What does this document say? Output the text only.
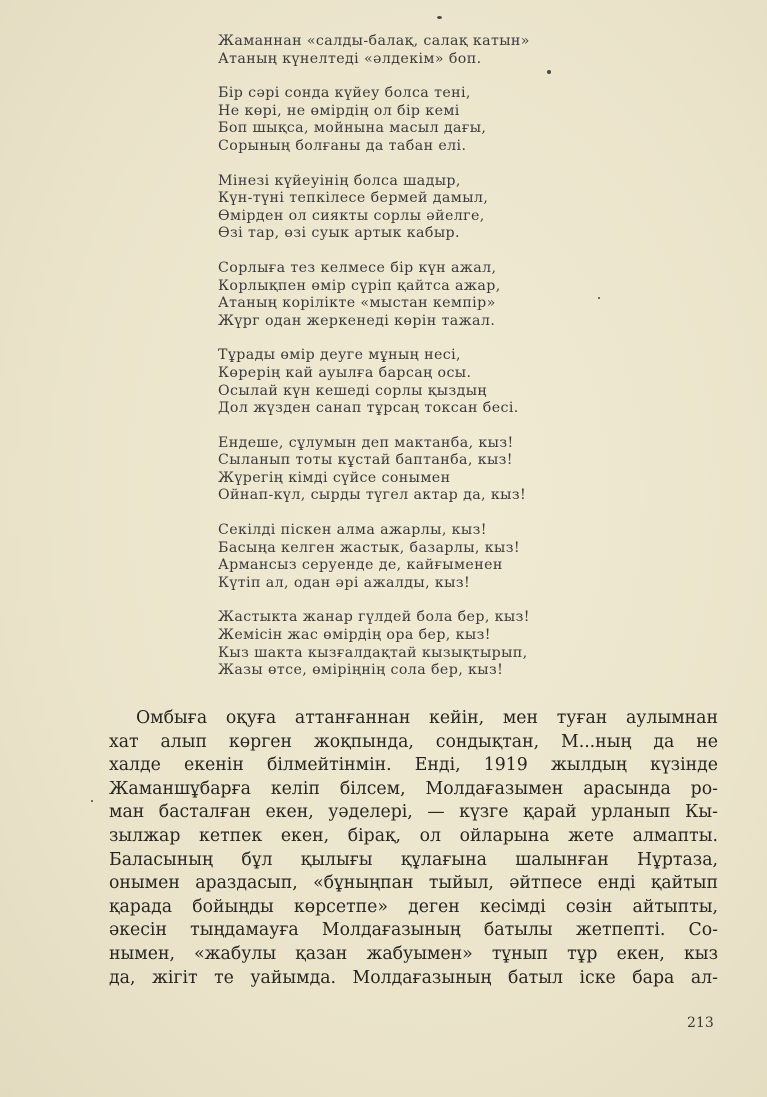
Жаманнан «салды-балақ, салақ катын»
Атаның күнелтеді «әлдекім» боп.
Бір сәрі сонда күйеу болса тені,
Не көрі, не өмірдің ол бір кемі
Боп шықса, мойнына масыл дағы,
Сорының болғаны да табан елі.
Мінезі күйеуінің болса шадыр,
Күн-түні тепкілесе бермей дамыл,
Өмірден ол сиякты сорлы әйелге,
Өзі тар, өзі суык артык кабыр.
Сорлыға тез келмесе бір күн ажал,
Корлықпен өмір сүріп қайтса ажар,
Атаның корілікте «мыстан кемпір»
Жүрг одан жеркенеді көрін тажал.
Тұрады өмір деуге мұның несі,
Көрерің кай ауылға барсаң осы.
Осылай күн кешеді сорлы қыздың
Дол жүзден санап тұрсаң токсан бесі.
Ендеше, сұлумын деп мактанба, кыз!
Сыланып тоты кұстай баптанба, кыз!
Жүрегің кімді сүйсе сонымен
Ойнап-күл, сырды түгел актар да, кыз!
Секілді піскен алма ажарлы, кыз!
Басыңа келген жастык, базарлы, кыз!
Армансыз серуенде де, кайғыменен
Күтіп ал, одан әрі ажалды, кыз!
Жастыкта жанар гүлдей бола бер, кыз!
Жемісін жас өмірдің ора бер, кыз!
Кыз шакта кызғалдақтай кызықтырып,
Жазы өтсе, өміріңнің сола бер, кыз!
Омбыға оқуға аттанғаннан кейін, мен туған аулымнан
хат алып көрген жоқпында, сондықтан, М...ның да не
халде екенін білмейтінмін. Енді, 1919 жылдың күзінде
Жаманшұбарға келіп білсем, Молдағазымен арасында ро-
ман басталған екен, уәделері, — күзге қарай урланып Кы-
зылжар кетпек екен, бірақ, ол ойларына жете алмапты.
Баласының бұл қылығы құлағына шалынған Нұртаза,
онымен араздасып, «бұныңпан тыйыл, әйтпесе енді қайтып
қарада бойыңды көрсетпе» деген кесімді сөзін айтыпты,
әкесін тыңдамауға Молдағазының батылы жетпепті. Со-
нымен, «жабулы қазан жабуымен» тұнып тұр екен, кыз
да, жігіт те уайымда. Молдағазының батыл іске бара ал-
213
